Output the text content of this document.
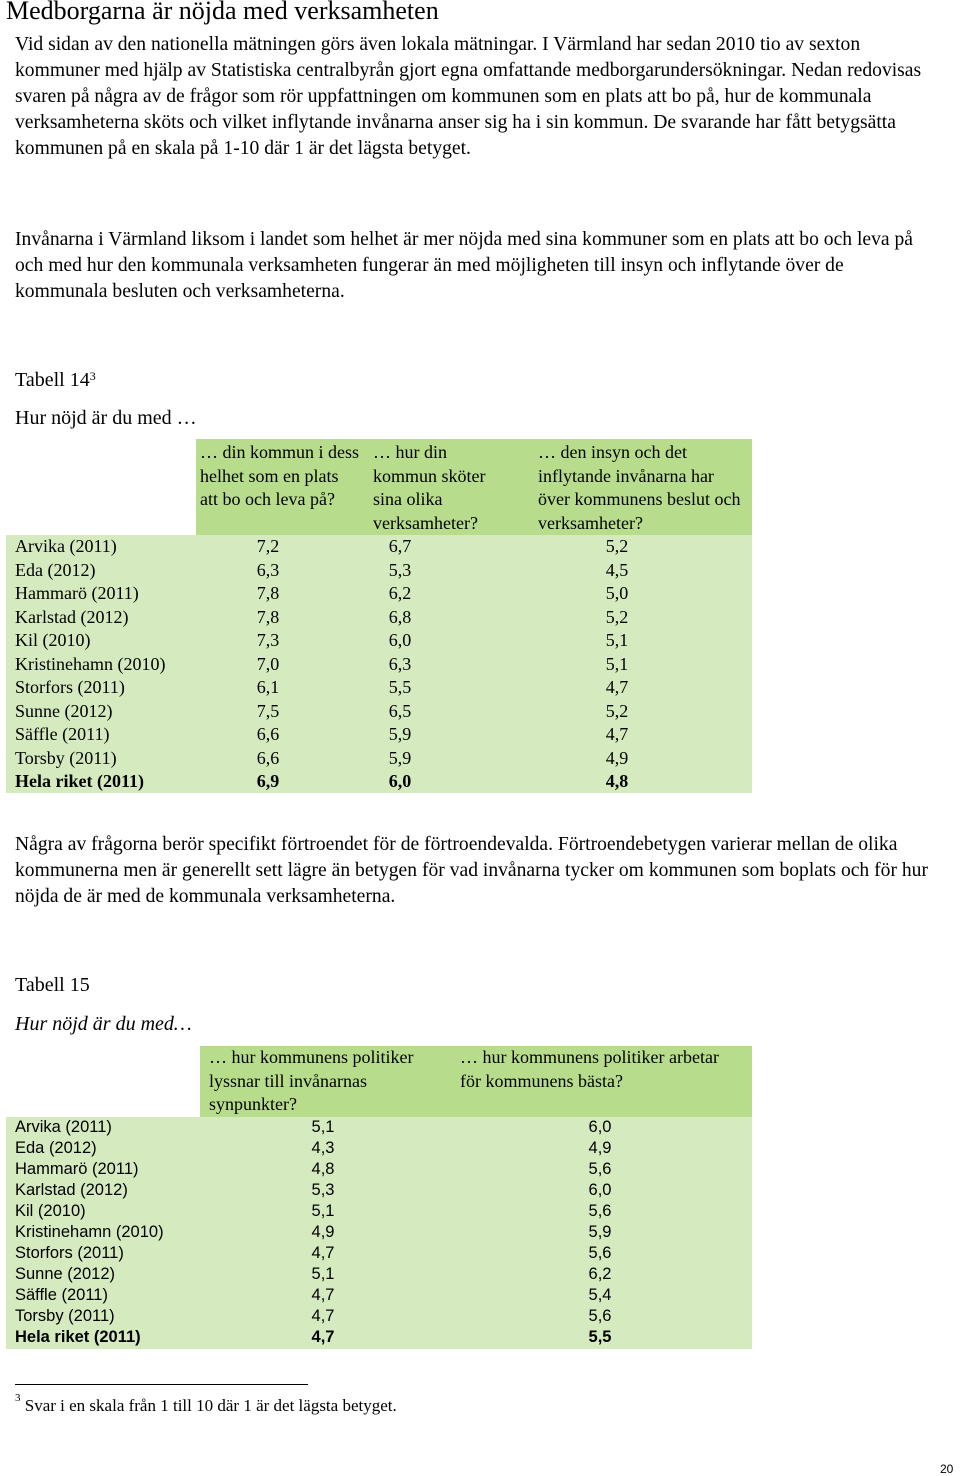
Medborgarna är nöjda med verksamheten

Vid sidan av den nationella mätningen görs även lokala mätningar. I Värmland har sedan 2010 tio av sexton kommuner med hjälp av Statistiska centralbyrån gjort egna omfattande medborgarundersökningar. Nedan redovisas svaren på några av de frågor som rör uppfattningen om kommunen som en plats att bo på, hur de kommunala verksamheterna sköts och vilket inflytande invånarna anser sig ha i sin kommun. De svarande har fått betygsätta kommunen på en skala på 1-10 där 1 är det lägsta betyget.

Invånarna i Värmland liksom i landet som helhet är mer nöjda med sina kommuner som en plats att bo och leva på och med hur den kommunala verksamheten fungerar än med möjligheten till insyn och inflytande över de kommunala besluten och verksamheterna.

Tabell $14^3$
Hur nöjd är du med …
… din kommun i dess helhet som en plats att bo och leva på?
… hur din kommun sköter sina olika verksamheter?
… den insyn och det inflytande invånarna har över kommunens beslut och verksamheter?
Arvika (2011)	7,2	6,7	5,2
Eda (2012)	6,3	5,3	4,5
Hammarö (2011)	7,8	6,2	5,0
Karlstad (2012)	7,8	6,8	5,2
Kil (2010)	7,3	6,0	5,1
Kristinehamn (2010)	7,0	6,3	5,1
Storfors (2011)	6,1	5,5	4,7
Sunne (2012)	7,5	6,5	5,2
Säffle (2011)	6,6	5,9	4,7
Torsby (2011)	6,6	5,9	4,9
Hela riket (2011)	6,9	6,0	4,8

Några av frågorna berör specifikt förtroendet för de förtroendevalda. Förtroendebetygen varierar mellan de olika kommunerna men är generellt sett lägre än betygen för vad invånarna tycker om kommunen som boplats och för hur nöjda de är med de kommunala verksamheterna.

Tabell 15
Hur nöjd är du med…
… hur kommunens politiker lyssnar till invånarnas synpunkter?
… hur kommunens politiker arbetar för kommunens bästa?
Arvika (2011)	5,1	6,0
Eda (2012)	4,3	4,9
Hammarö (2011)	4,8	5,6
Karlstad (2012)	5,3	6,0
Kil (2010)	5,1	5,6
Kristinehamn (2010)	4,9	5,9
Storfors (2011)	4,7	5,6
Sunne (2012)	5,1	6,2
Säffle (2011)	4,7	5,4
Torsby (2011)	4,7	5,6
Hela riket (2011)	4,7	5,5
$^3$ Svar i en skala från 1 till 10 där 1 är det lägsta betyget.
20
